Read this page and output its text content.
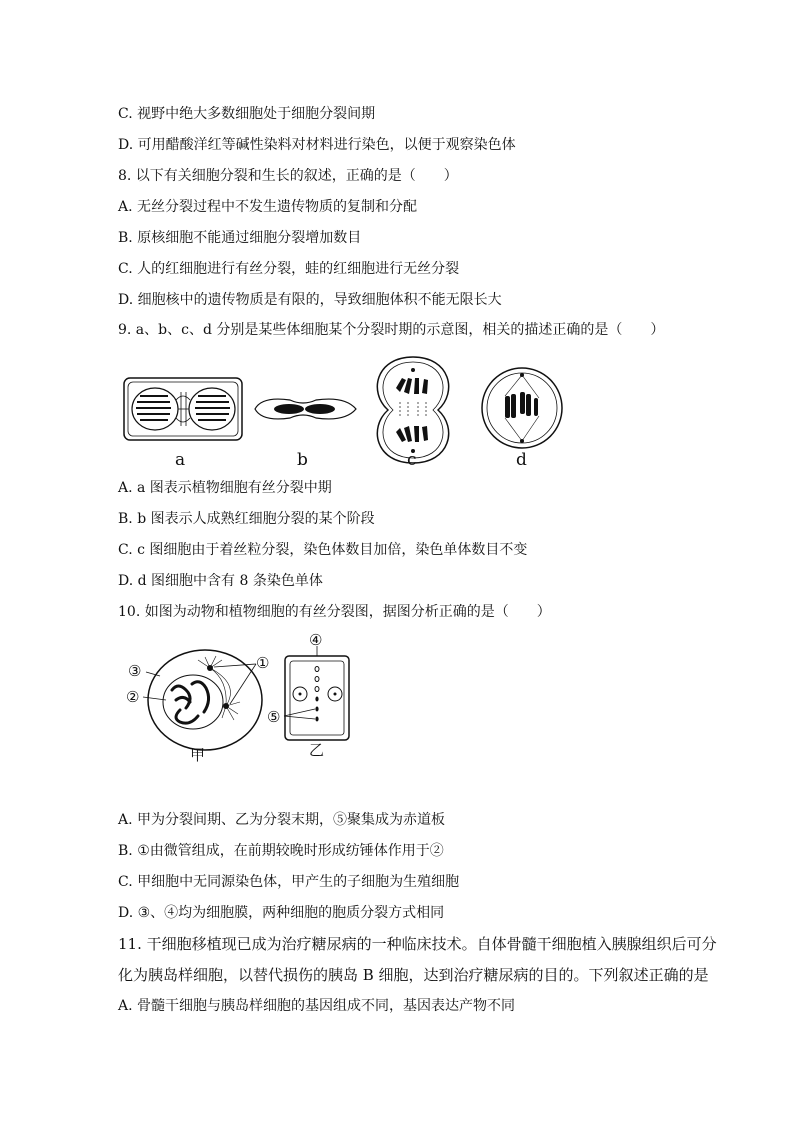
C. 视野中绝大多数细胞处于细胞分裂间期
D. 可用醋酸洋红等碱性染料对材料进行染色，以便于观察染色体
8. 以下有关细胞分裂和生长的叙述，正确的是（　　）
A. 无丝分裂过程中不发生遗传物质的复制和分配
B. 原核细胞不能通过细胞分裂增加数目
C. 人的红细胞进行有丝分裂，蛙的红细胞进行无丝分裂
D. 细胞核中的遗传物质是有限的，导致细胞体积不能无限长大
9. a、b、c、d 分别是某些体细胞某个分裂时期的示意图，相关的描述正确的是（　　）
a	b	c	d
A. a 图表示植物细胞有丝分裂中期
B. b 图表示人成熟红细胞分裂的某个阶段
C. c 图细胞由于着丝粒分裂，染色体数目加倍，染色单体数目不变
D. d 图细胞中含有 8 条染色单体
10. 如图为动物和植物细胞的有丝分裂图，据图分析正确的是（　　）
③
②
①
④
⑤
甲	乙
A. 甲为分裂间期、乙为分裂末期，⑤聚集成为赤道板
B. ①由微管组成，在前期较晚时形成纺锤体作用于②
C. 甲细胞中无同源染色体，甲产生的子细胞为生殖细胞
D. ③、④均为细胞膜，两种细胞的胞质分裂方式相同
11. 干细胞移植现已成为治疗糖尿病的一种临床技术。自体骨髓干细胞植入胰腺组织后可分
化为胰岛样细胞，以替代损伤的胰岛 B 细胞，达到治疗糖尿病的目的。下列叙述正确的是
A. 骨髓干细胞与胰岛样细胞的基因组成不同，基因表达产物不同
